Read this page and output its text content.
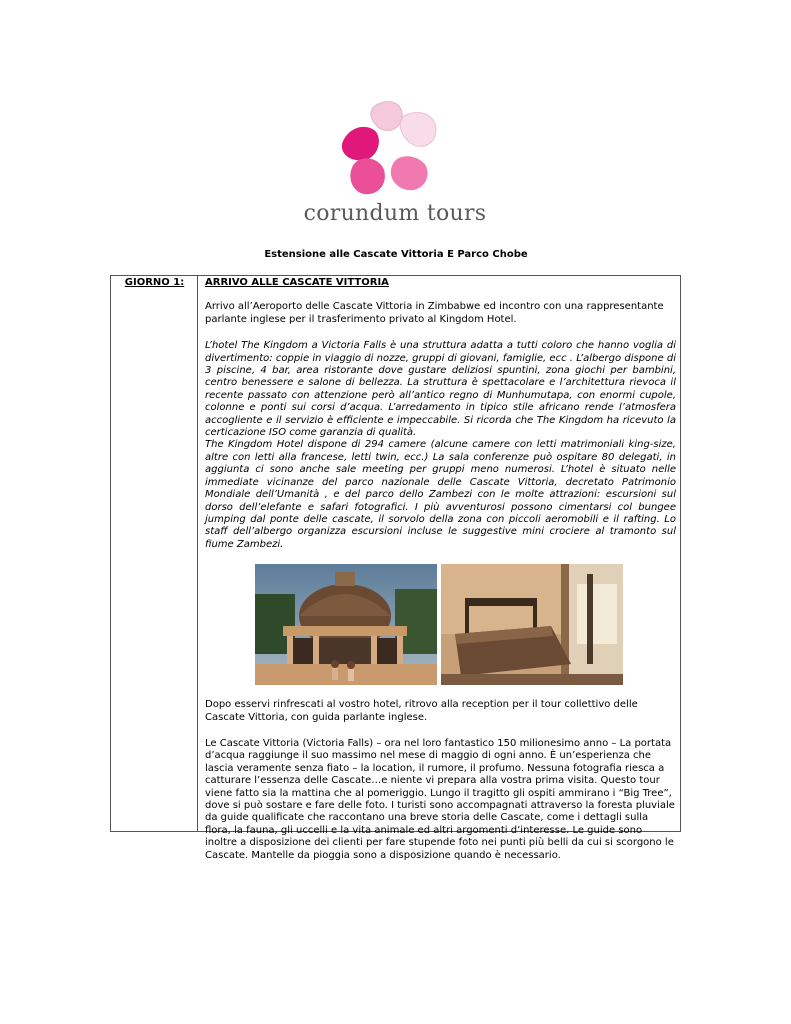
corundum tours
Estensione alle Cascate Vittoria E Parco Chobe
GIORNO 1:	ARRIVO ALLE CASCATE VITTORIA
Arrivo all’Aeroporto delle Cascate Vittoria in Zimbabwe ed incontro con una rappresentante parlante inglese per il trasferimento privato al Kingdom Hotel.
L’hotel The Kingdom a Victoria Falls è una struttura adatta a tutti coloro che hanno voglia di divertimento: coppie in viaggio di nozze, gruppi di giovani, famiglie, ecc . L’albergo dispone di 3 piscine, 4 bar, area ristorante dove gustare deliziosi spuntini, zona giochi per bambini, centro benessere e salone di bellezza. La struttura è spettacolare e l’architettura rievoca il recente passato con attenzione però all’antico regno di Munhumutapa, con enormi cupole, colonne e ponti sui corsi d’acqua. L’arredamento in tipico stile africano rende l’atmosfera accogliente e il servizio è efficiente e impeccabile. Si ricorda che The Kingdom ha ricevuto la certicazione ISO come garanzia di qualità.
The Kingdom Hotel dispone di 294 camere (alcune camere con letti matrimoniali king-size, altre con letti alla francese, letti twin, ecc.) La sala conferenze può ospitare 80 delegati, in aggiunta ci sono anche sale meeting per gruppi meno numerosi. L’hotel è situato nelle immediate vicinanze del parco nazionale delle Cascate Vittoria, decretato Patrimonio Mondiale dell’Umanità , e del parco dello Zambezi con le molte attrazioni: escursioni sul dorso dell’elefante e safari fotografici. I più avventurosi possono cimentarsi col bungee jumping dal ponte delle cascate, il sorvolo della zona con piccoli aeromobili e il rafting. Lo staff dell’albergo organizza escursioni incluse le suggestive mini crociere al tramonto sul fiume Zambezi.
Dopo esservi rinfrescati al vostro hotel, ritrovo alla reception per il tour collettivo delle Cascate Vittoria, con guida parlante inglese.
Le Cascate Vittoria (Victoria Falls) – ora nel loro fantastico 150 milionesimo anno – La portata d’acqua raggiunge il suo massimo nel mese di maggio di ogni anno. È un’esperienza che lascia veramente senza fiato – la location, il rumore, il profumo. Nessuna fotografia riesca a catturare l’essenza delle Cascate…e niente vi prepara alla vostra prima visita. Questo tour viene fatto sia la mattina che al pomeriggio. Lungo il tragitto gli ospiti ammirano i “Big Tree”, dove si può sostare e fare delle foto. I turisti sono accompagnati attraverso la foresta pluviale da guide qualificate che raccontano una breve storia delle Cascate, come i dettagli sulla flora, la fauna, gli uccelli e la vita animale ed altri argomenti d’interesse. Le guide sono inoltre a disposizione dei clienti per fare stupende foto nei punti più belli da cui si scorgono le Cascate. Mantelle da pioggia sono a disposizione quando è necessario.
